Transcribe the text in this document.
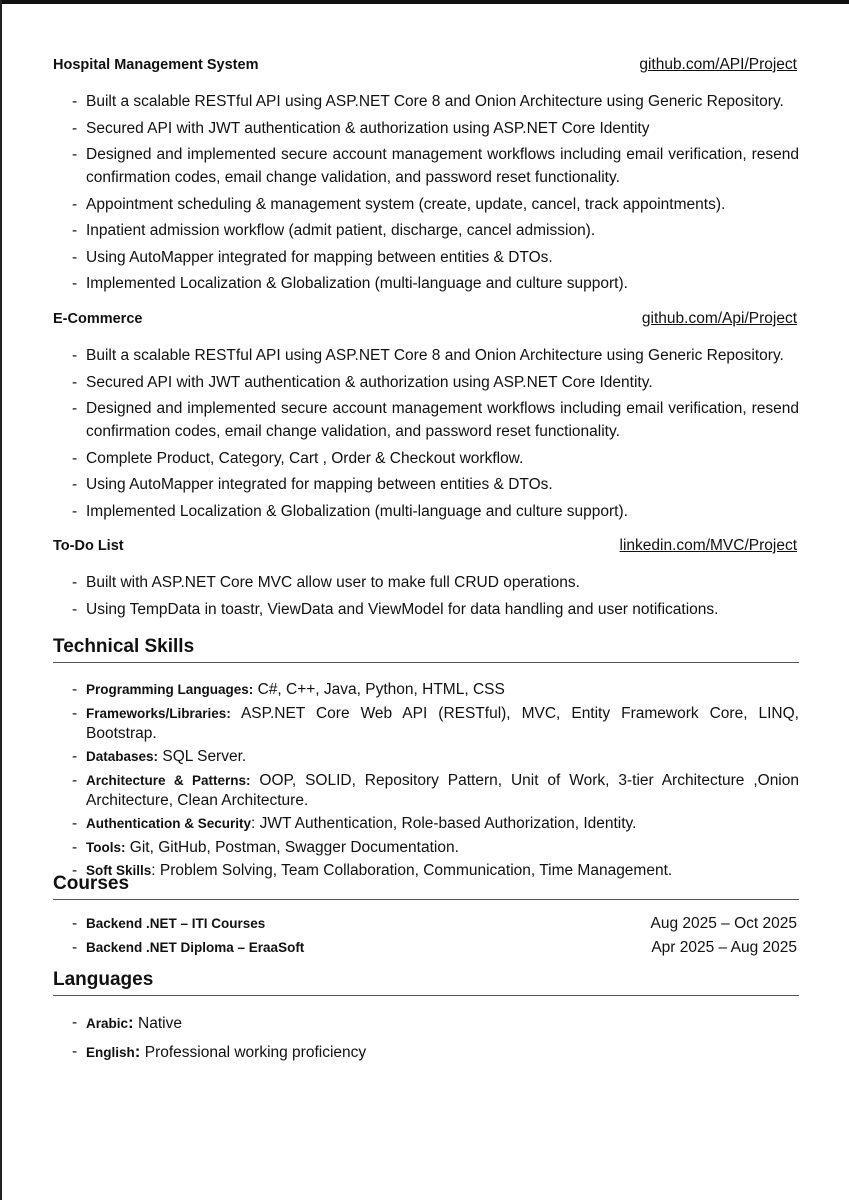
Hospital Management System	github.com/API/Project
- Built a scalable RESTful API using ASP.NET Core 8 and Onion Architecture using Generic Repository.
- Secured API with JWT authentication & authorization using ASP.NET Core Identity
- Designed and implemented secure account management workflows including email verification, resend confirmation codes, email change validation, and password reset functionality.
- Appointment scheduling & management system (create, update, cancel, track appointments).
- Inpatient admission workflow (admit patient, discharge, cancel admission).
- Using AutoMapper integrated for mapping between entities & DTOs.
- Implemented Localization & Globalization (multi-language and culture support).
E-Commerce	github.com/Api/Project
- Built a scalable RESTful API using ASP.NET Core 8 and Onion Architecture using Generic Repository.
- Secured API with JWT authentication & authorization using ASP.NET Core Identity.
- Designed and implemented secure account management workflows including email verification, resend confirmation codes, email change validation, and password reset functionality.
- Complete Product, Category, Cart , Order & Checkout workflow.
- Using AutoMapper integrated for mapping between entities & DTOs.
- Implemented Localization & Globalization (multi-language and culture support).
To-Do List	linkedin.com/MVC/Project
- Built with ASP.NET Core MVC allow user to make full CRUD operations.
- Using TempData in toastr, ViewData and ViewModel for data handling and user notifications.
Technical Skills
- Programming Languages: C#, C++, Java, Python, HTML, CSS
- Frameworks/Libraries: ASP.NET Core Web API (RESTful), MVC, Entity Framework Core, LINQ, Bootstrap.
- Databases: SQL Server.
- Architecture & Patterns: OOP, SOLID, Repository Pattern, Unit of Work, 3-tier Architecture ,Onion Architecture, Clean Architecture.
- Authentication & Security: JWT Authentication, Role-based Authorization, Identity.
- Tools: Git, GitHub, Postman, Swagger Documentation.
- Soft Skills: Problem Solving, Team Collaboration, Communication, Time Management.
Courses
- Backend .NET – ITI Courses	Aug 2025 – Oct 2025
- Backend .NET Diploma – EraaSoft	Apr 2025 – Aug 2025
Languages
- Arabic: Native
- English: Professional working proficiency
